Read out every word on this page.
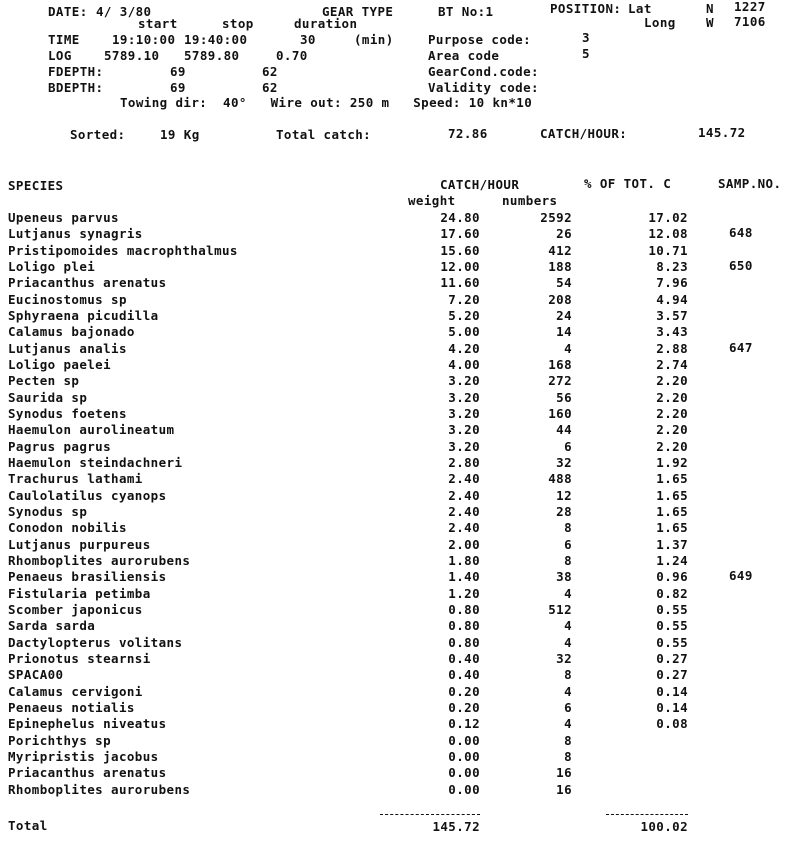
DATE: 4/ 3/80	GEAR TYPE	BT No:1	POSITION: Lat	N 1227
Long W 7106
start	stop	duration
TIME	19:10:00 19:40:00	30	(min)	Purpose code:	3
LOG	5789.10 5789.80	0.70	Area code	5
FDEPTH:	69	62	GearCond.code:
BDEPTH:	69	62	Validity code:
Towing dir:  40°   Wire out: 250 m   Speed: 10 kn*10
Sorted:	19 Kg	Total catch:	72.86	CATCH/HOUR:	145.72
SPECIES	CATCH/HOUR	% OF TOT. C	SAMP.NO.
weight	numbers
Upeneus parvus	24.80	2592	17.02
Lutjanus synagris	17.60	26	12.08	648
Pristipomoides macrophthalmus	15.60	412	10.71
Loligo plei	12.00	188	8.23	650
Priacanthus arenatus	11.60	54	7.96
Eucinostomus sp	7.20	208	4.94
Sphyraena picudilla	5.20	24	3.57
Calamus bajonado	5.00	14	3.43
Lutjanus analis	4.20	4	2.88	647
Loligo paelei	4.00	168	2.74
Pecten sp	3.20	272	2.20
Saurida sp	3.20	56	2.20
Synodus foetens	3.20	160	2.20
Haemulon aurolineatum	3.20	44	2.20
Pagrus pagrus	3.20	6	2.20
Haemulon steindachneri	2.80	32	1.92
Trachurus lathami	2.40	488	1.65
Caulolatilus cyanops	2.40	12	1.65
Synodus sp	2.40	28	1.65
Conodon nobilis	2.40	8	1.65
Lutjanus purpureus	2.00	6	1.37
Rhomboplites aurorubens	1.80	8	1.24
Penaeus brasiliensis	1.40	38	0.96	649
Fistularia petimba	1.20	4	0.82
Scomber japonicus	0.80	512	0.55
Sarda sarda	0.80	4	0.55
Dactylopterus volitans	0.80	4	0.55
Prionotus stearnsi	0.40	32	0.27
SPACA00	0.40	8	0.27
Calamus cervigoni	0.20	4	0.14
Penaeus notialis	0.20	6	0.14
Epinephelus niveatus	0.12	4	0.08
Porichthys sp	0.00	8
Myripristis jacobus	0.00	8
Priacanthus arenatus	0.00	16
Rhomboplites aurorubens	0.00	16
Total	145.72	100.02
